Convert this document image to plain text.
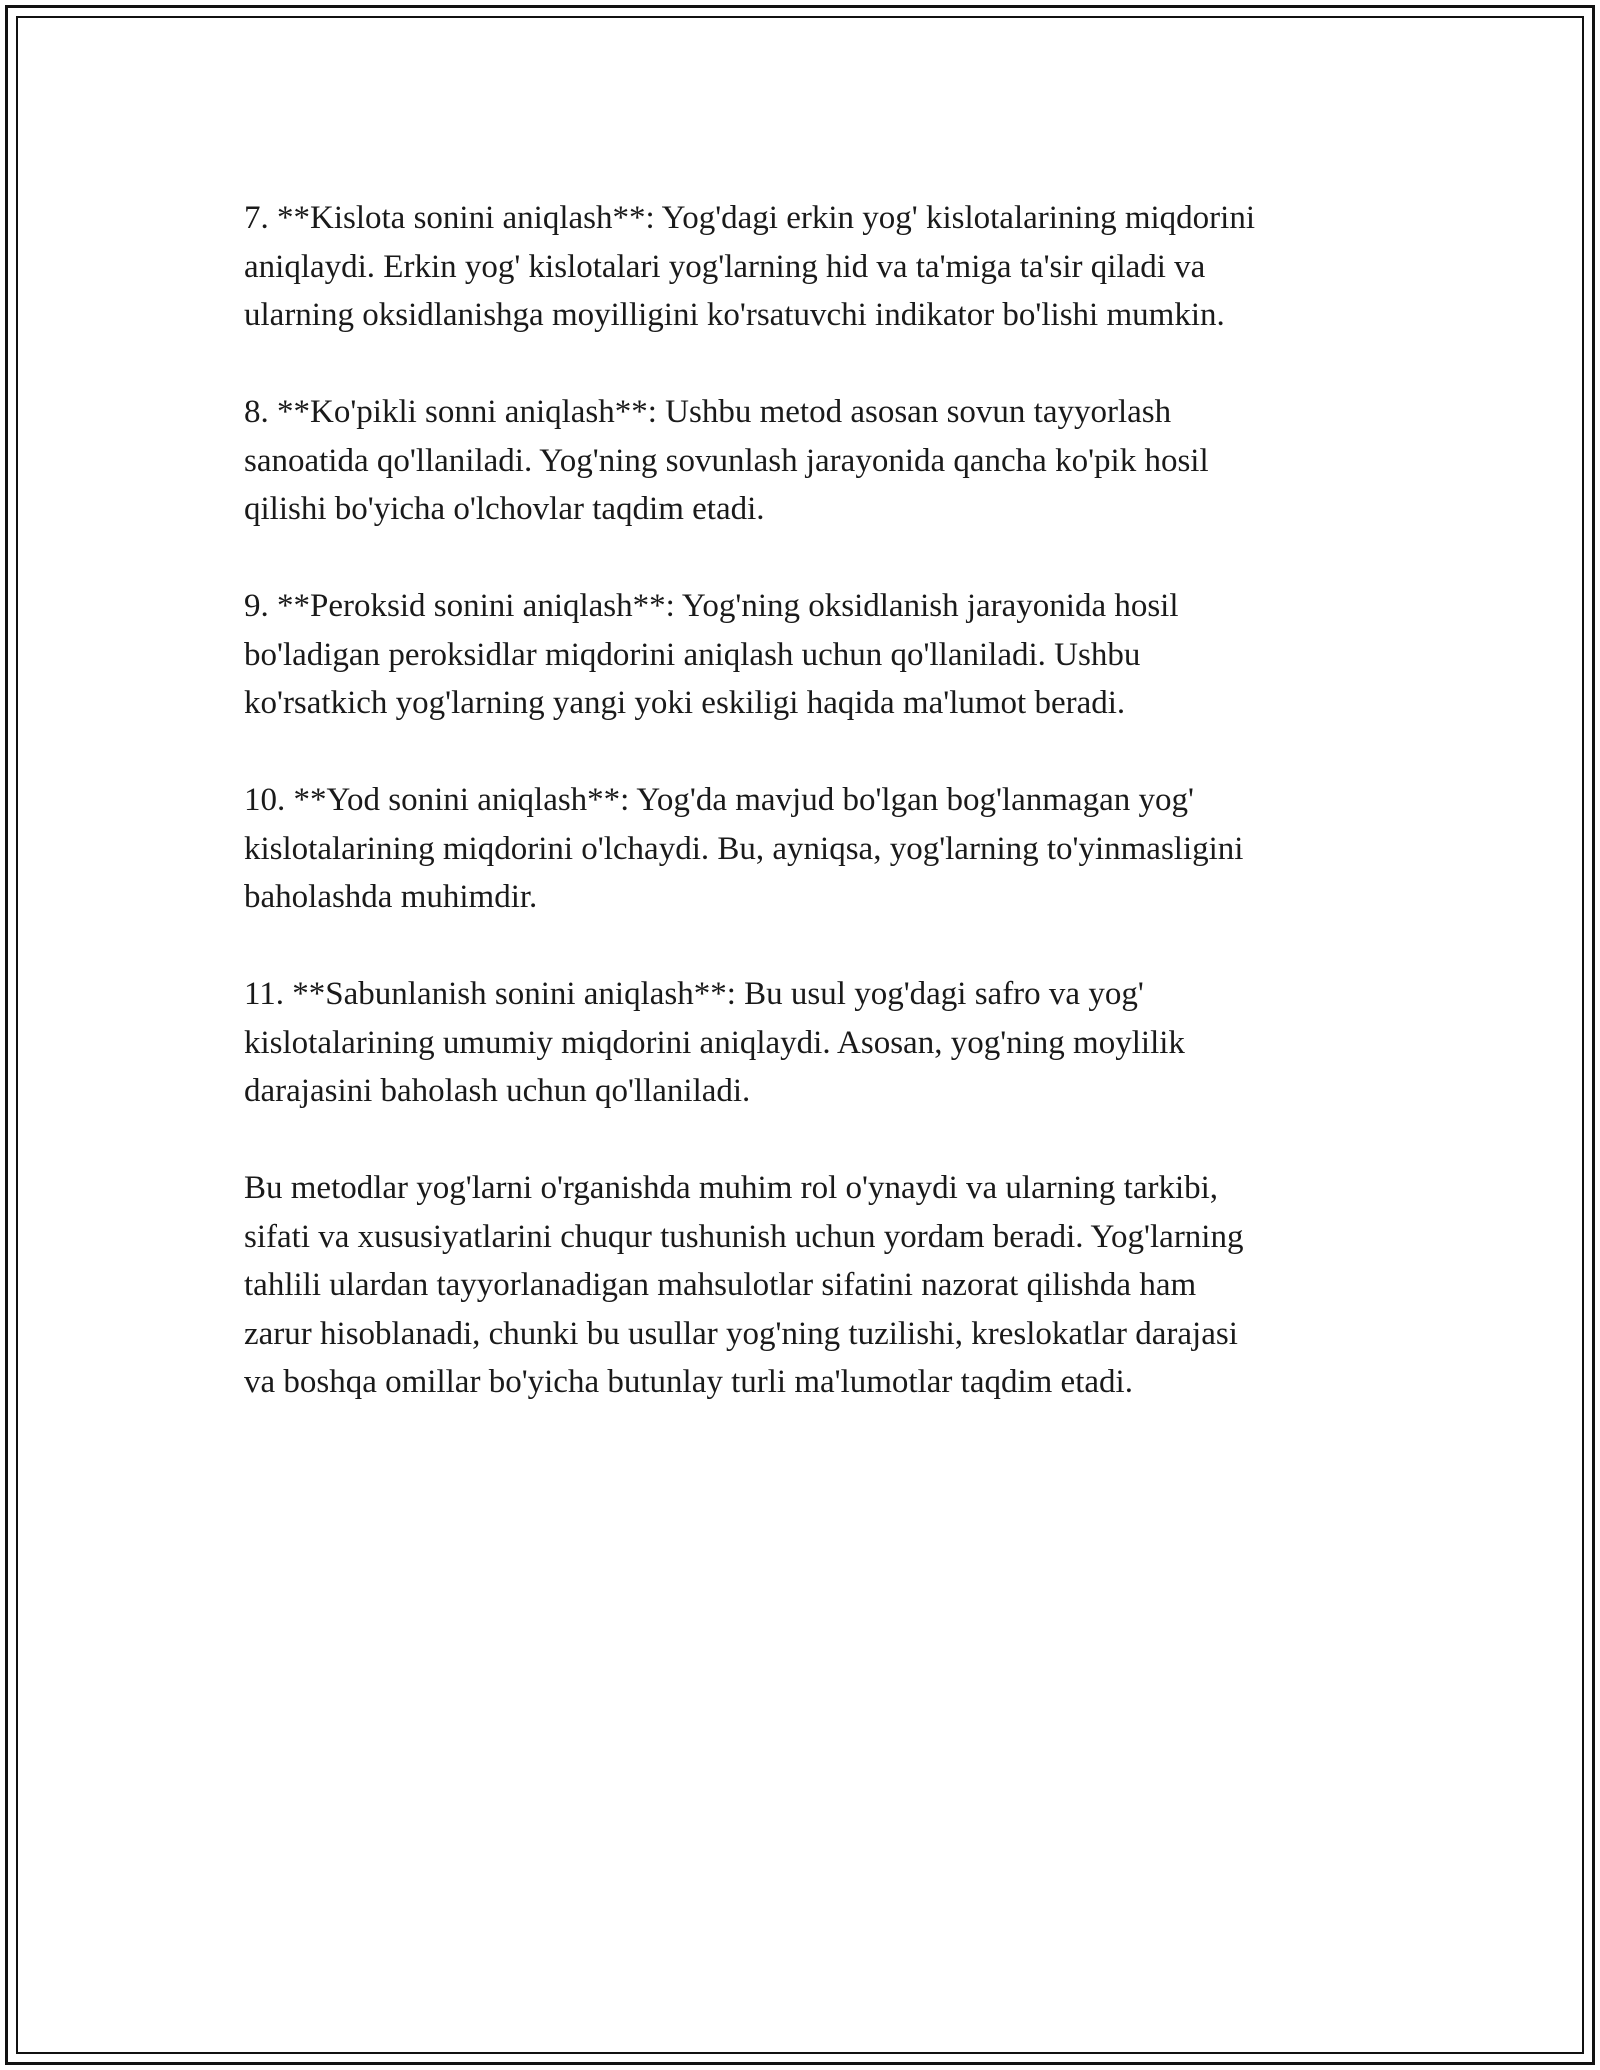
7. **Kislota sonini aniqlash**: Yog'dagi erkin yog' kislotalarining miqdorini
aniqlaydi. Erkin yog' kislotalari yog'larning hid va ta'miga ta'sir qiladi va
ularning oksidlanishga moyilligini ko'rsatuvchi indikator bo'lishi mumkin.

8. **Ko'pikli sonni aniqlash**: Ushbu metod asosan sovun tayyorlash
sanoatida qo'llaniladi. Yog'ning sovunlash jarayonida qancha ko'pik hosil
qilishi bo'yicha o'lchovlar taqdim etadi.

9. **Peroksid sonini aniqlash**: Yog'ning oksidlanish jarayonida hosil
bo'ladigan peroksidlar miqdorini aniqlash uchun qo'llaniladi. Ushbu
ko'rsatkich yog'larning yangi yoki eskiligi haqida ma'lumot beradi.

10. **Yod sonini aniqlash**: Yog'da mavjud bo'lgan bog'lanmagan yog'
kislotalarining miqdorini o'lchaydi. Bu, ayniqsa, yog'larning to'yinmasligini
baholashda muhimdir.

11. **Sabunlanish sonini aniqlash**: Bu usul yog'dagi safro va yog'
kislotalarining umumiy miqdorini aniqlaydi. Asosan, yog'ning moylilik
darajasini baholash uchun qo'llaniladi.

Bu metodlar yog'larni o'rganishda muhim rol o'ynaydi va ularning tarkibi,
sifati va xususiyatlarini chuqur tushunish uchun yordam beradi. Yog'larning
tahlili ulardan tayyorlanadigan mahsulotlar sifatini nazorat qilishda ham
zarur hisoblanadi, chunki bu usullar yog'ning tuzilishi, kreslokatlar darajasi
va boshqa omillar bo'yicha butunlay turli ma'lumotlar taqdim etadi.
